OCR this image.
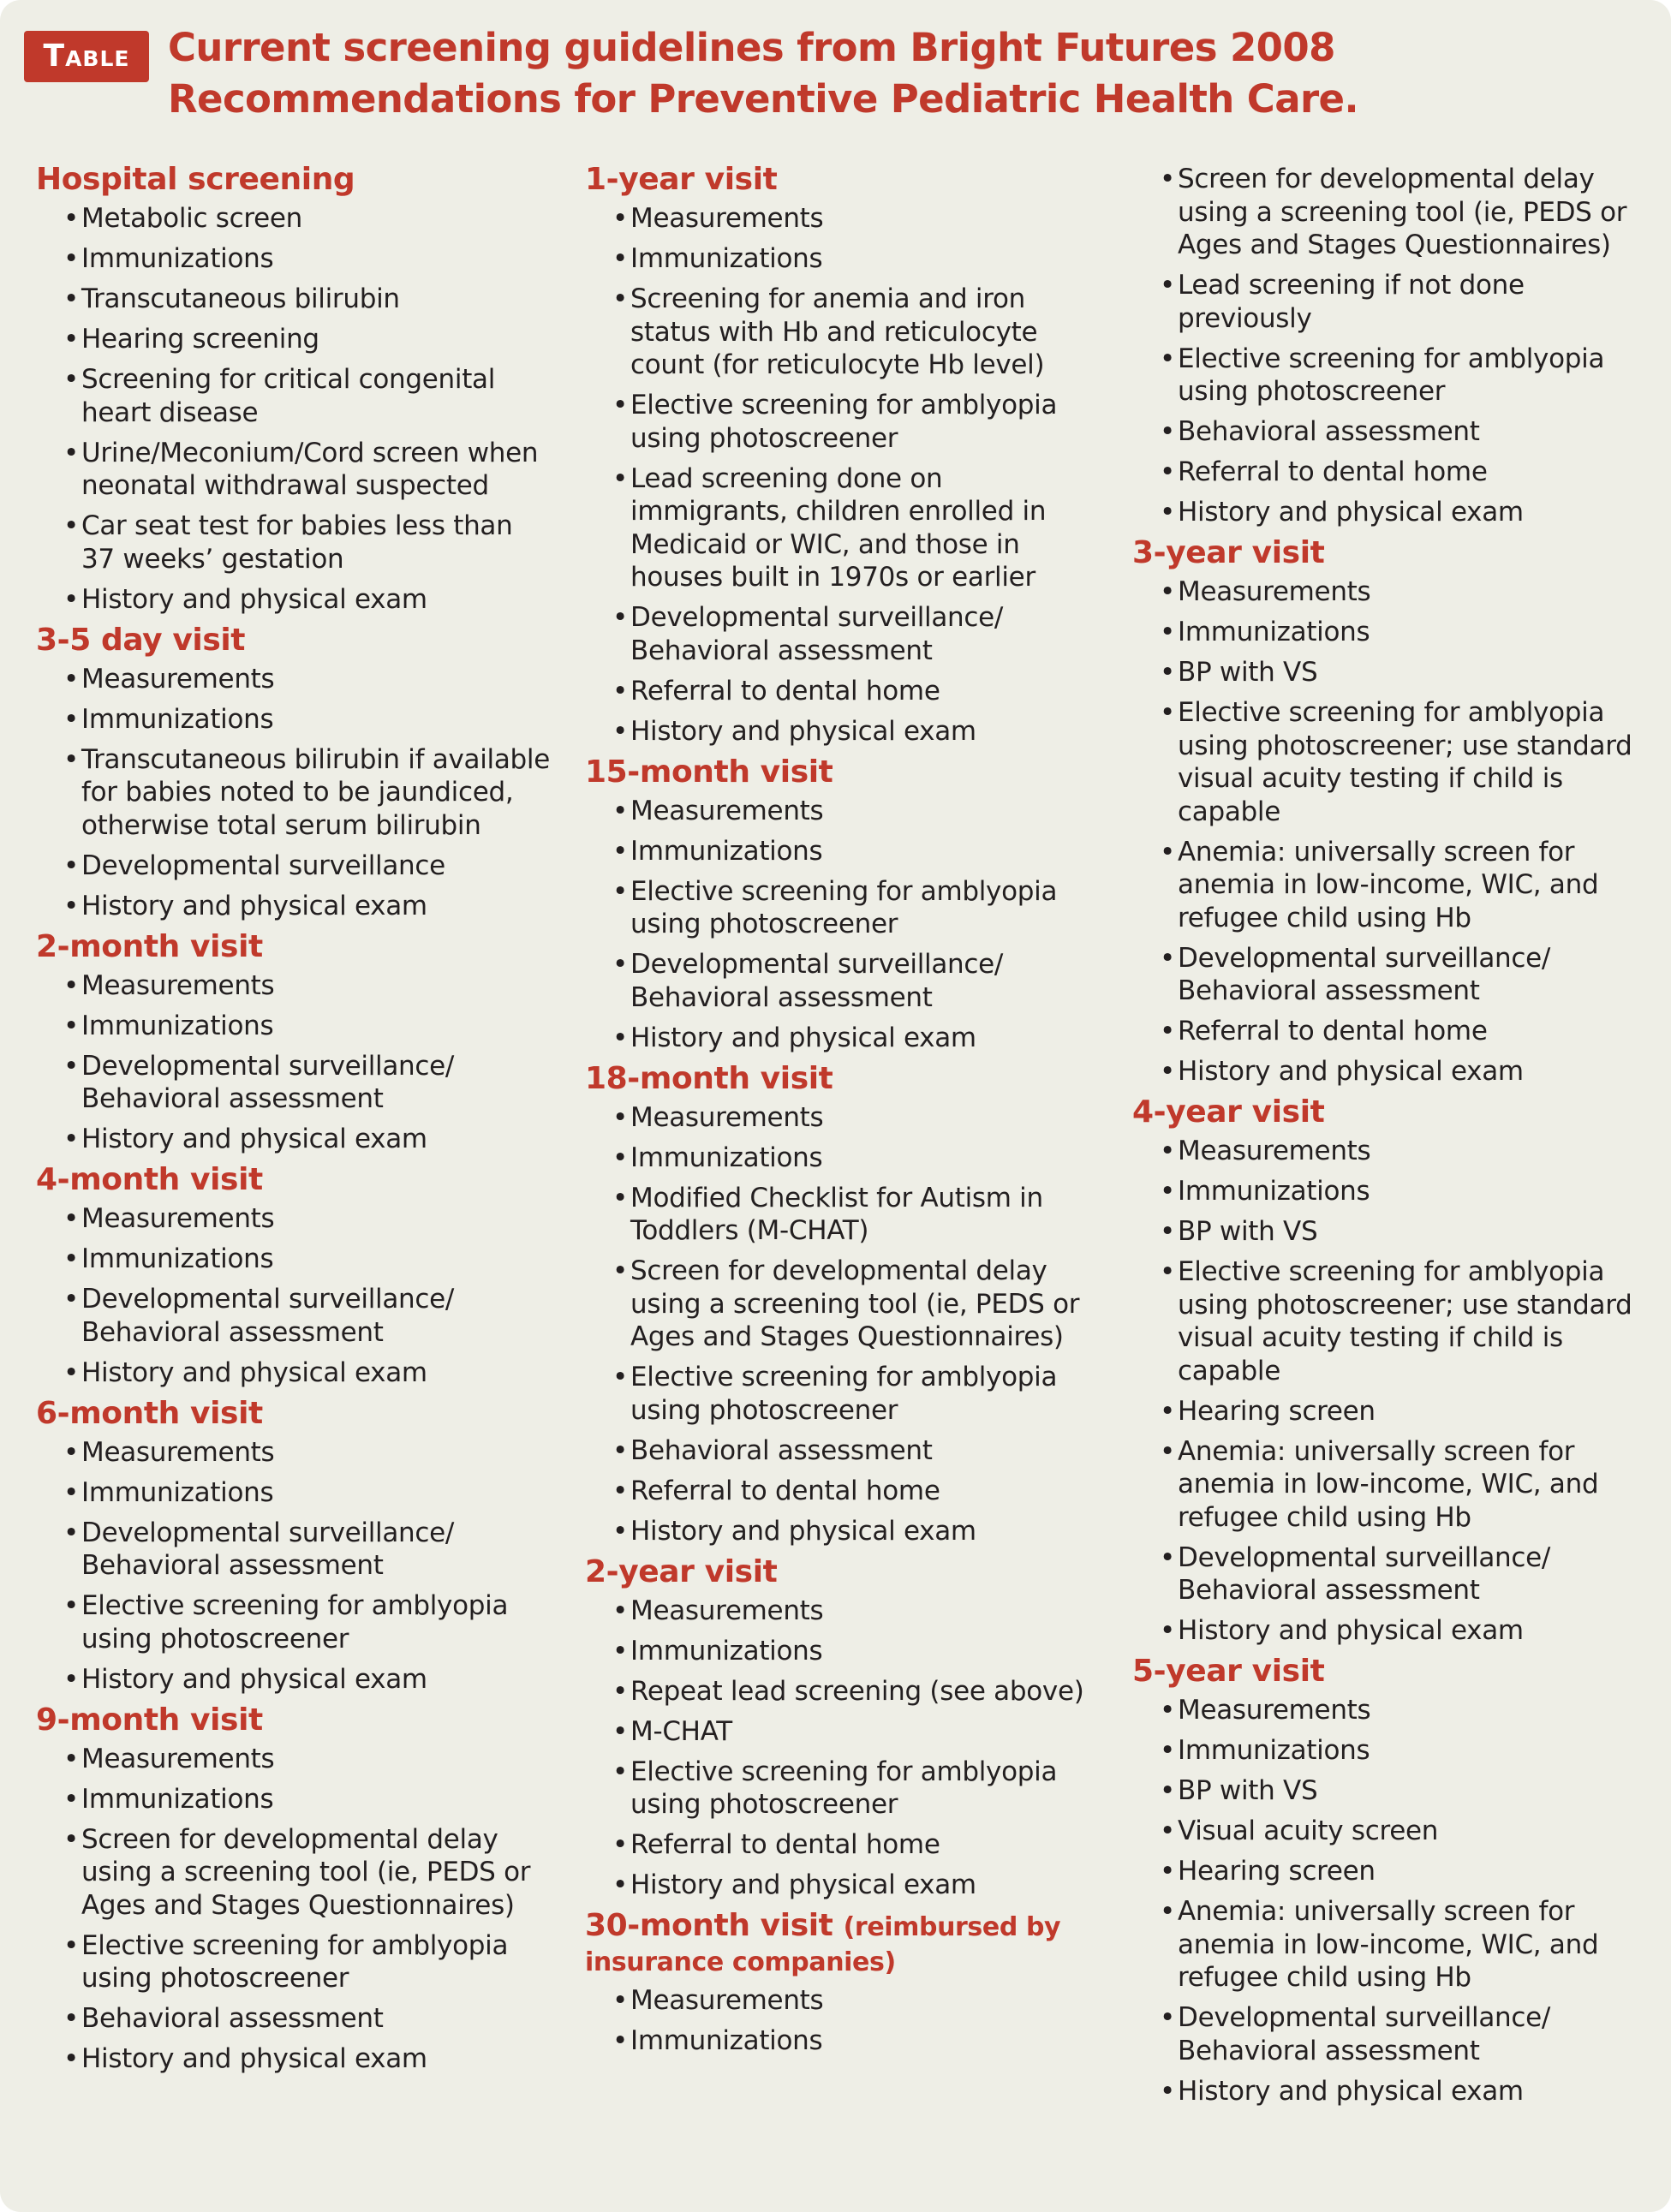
Table Current screening guidelines from Bright Futures 2008 Recommendations for Preventive Pediatric Health Care.
Hospital screening
• Metabolic screen
• Immunizations
• Transcutaneous bilirubin
• Hearing screening
• Screening for critical congenital heart disease
• Urine/Meconium/Cord screen when neonatal withdrawal suspected
• Car seat test for babies less than 37 weeks’ gestation
• History and physical exam
3-5 day visit
• Measurements
• Immunizations
• Transcutaneous bilirubin if available for babies noted to be jaundiced, otherwise total serum bilirubin
• Developmental surveillance
• History and physical exam
2-month visit
• Measurements
• Immunizations
• Developmental surveillance/ Behavioral assessment
• History and physical exam
4-month visit
• Measurements
• Immunizations
• Developmental surveillance/ Behavioral assessment
• History and physical exam
6-month visit
• Measurements
• Immunizations
• Developmental surveillance/ Behavioral assessment
• Elective screening for amblyopia using photoscreener
• History and physical exam
9-month visit
• Measurements
• Immunizations
• Screen for developmental delay using a screening tool (ie, PEDS or Ages and Stages Questionnaires)
• Elective screening for amblyopia using photoscreener
• Behavioral assessment
• History and physical exam
1-year visit
• Measurements
• Immunizations
• Screening for anemia and iron status with Hb and reticulocyte count (for reticulocyte Hb level)
• Elective screening for amblyopia using photoscreener
• Lead screening done on immigrants, children enrolled in Medicaid or WIC, and those in houses built in 1970s or earlier
• Developmental surveillance/ Behavioral assessment
• Referral to dental home
• History and physical exam
15-month visit
• Measurements
• Immunizations
• Elective screening for amblyopia using photoscreener
• Developmental surveillance/ Behavioral assessment
• History and physical exam
18-month visit
• Measurements
• Immunizations
• Modified Checklist for Autism in Toddlers (M-CHAT)
• Screen for developmental delay using a screening tool (ie, PEDS or Ages and Stages Questionnaires)
• Elective screening for amblyopia using photoscreener
• Behavioral assessment
• Referral to dental home
• History and physical exam
2-year visit
• Measurements
• Immunizations
• Repeat lead screening (see above)
• M-CHAT
• Elective screening for amblyopia using photoscreener
• Referral to dental home
• History and physical exam
30-month visit (reimbursed by insurance companies)
• Measurements
• Immunizations
• Screen for developmental delay using a screening tool (ie, PEDS or Ages and Stages Questionnaires)
• Lead screening if not done previously
• Elective screening for amblyopia using photoscreener
• Behavioral assessment
• Referral to dental home
• History and physical exam
3-year visit
• Measurements
• Immunizations
• BP with VS
• Elective screening for amblyopia using photoscreener; use standard visual acuity testing if child is capable
• Anemia: universally screen for anemia in low-income, WIC, and refugee child using Hb
• Developmental surveillance/ Behavioral assessment
• Referral to dental home
• History and physical exam
4-year visit
• Measurements
• Immunizations
• BP with VS
• Elective screening for amblyopia using photoscreener; use standard visual acuity testing if child is capable
• Hearing screen
• Anemia: universally screen for anemia in low-income, WIC, and refugee child using Hb
• Developmental surveillance/ Behavioral assessment
• History and physical exam
5-year visit
• Measurements
• Immunizations
• BP with VS
• Visual acuity screen
• Hearing screen
• Anemia: universally screen for anemia in low-income, WIC, and refugee child using Hb
• Developmental surveillance/ Behavioral assessment
• History and physical exam
